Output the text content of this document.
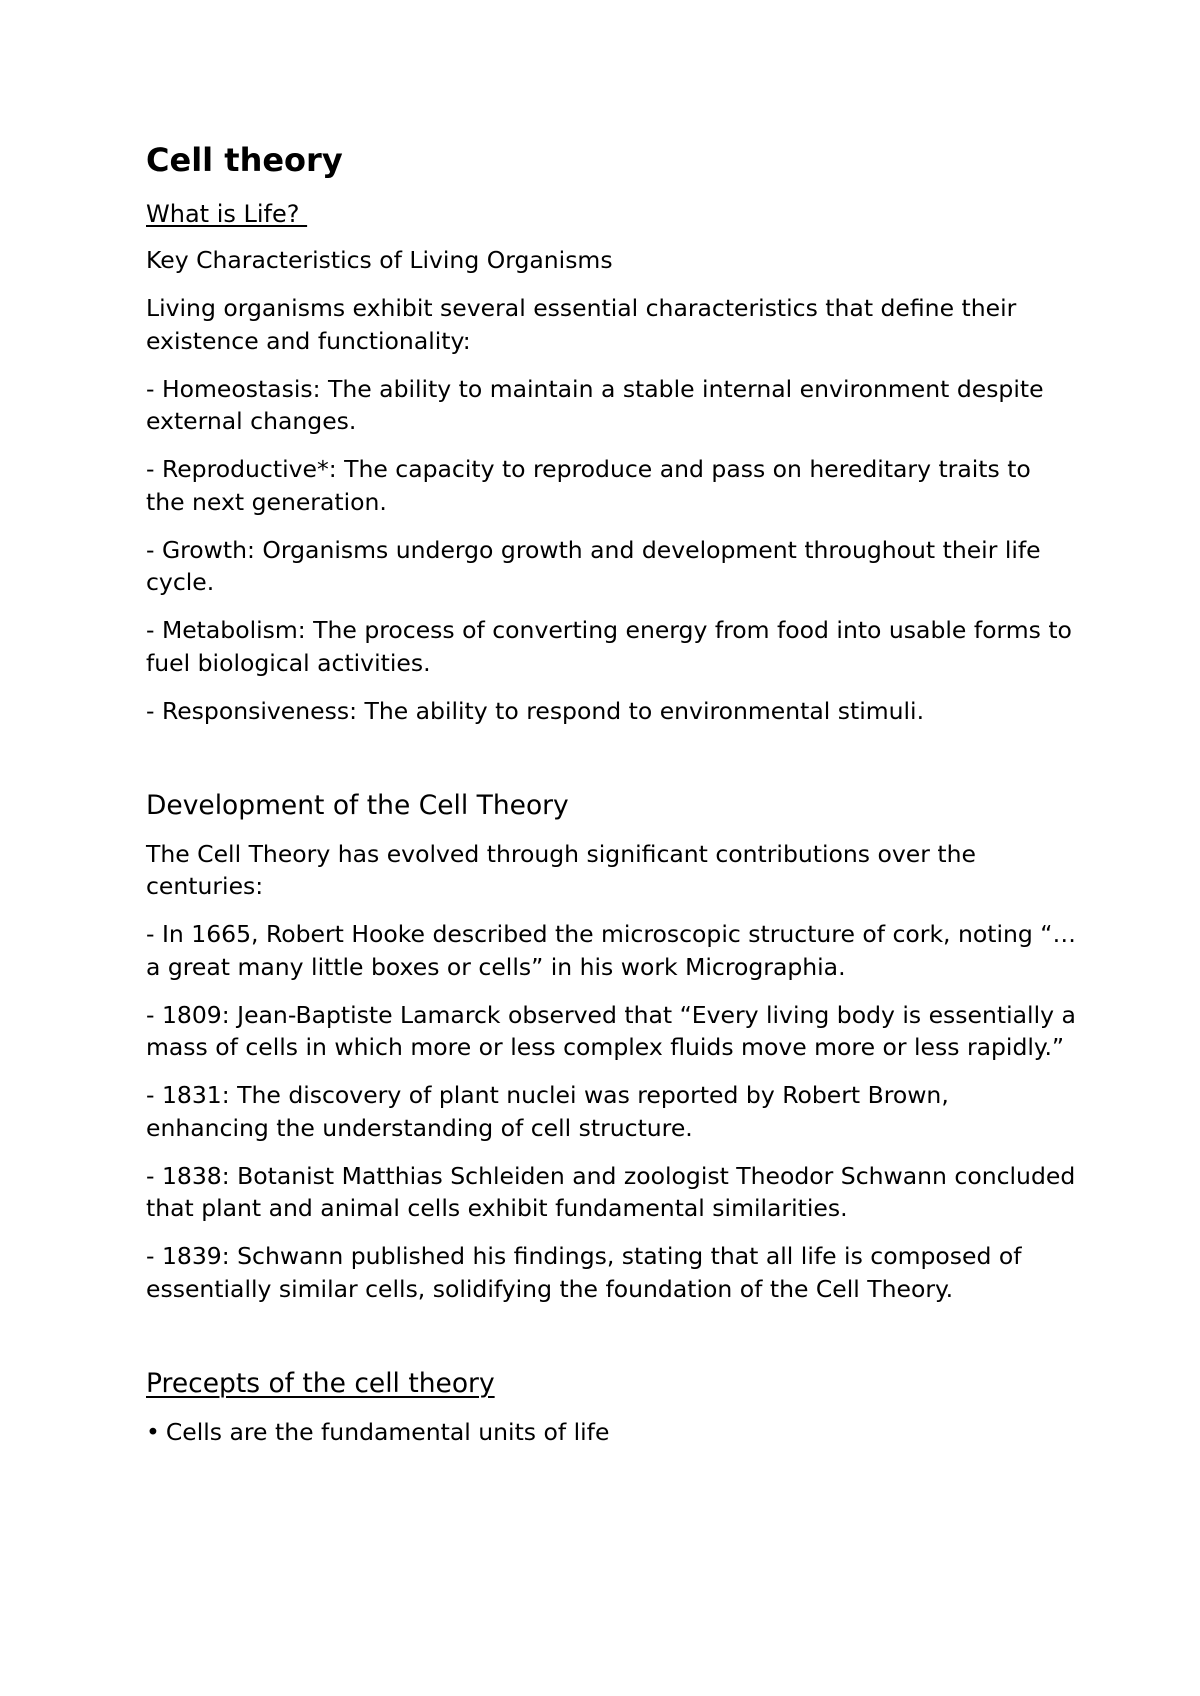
Cell theory
What is Life?
Key Characteristics of Living Organisms
Living organisms exhibit several essential characteristics that define their existence and functionality:
- Homeostasis: The ability to maintain a stable internal environment despite external changes.
- Reproductive*: The capacity to reproduce and pass on hereditary traits to the next generation.
- Growth: Organisms undergo growth and development throughout their life cycle.
- Metabolism: The process of converting energy from food into usable forms to fuel biological activities.
- Responsiveness: The ability to respond to environmental stimuli.
Development of the Cell Theory
The Cell Theory has evolved through significant contributions over the centuries:
- In 1665, Robert Hooke described the microscopic structure of cork, noting “… a great many little boxes or cells” in his work Micrographia.
- 1809: Jean-Baptiste Lamarck observed that “Every living body is essentially a mass of cells in which more or less complex fluids move more or less rapidly.”
- 1831: The discovery of plant nuclei was reported by Robert Brown, enhancing the understanding of cell structure.
- 1838: Botanist Matthias Schleiden and zoologist Theodor Schwann concluded that plant and animal cells exhibit fundamental similarities.
- 1839: Schwann published his findings, stating that all life is composed of essentially similar cells, solidifying the foundation of the Cell Theory.
Precepts of the cell theory
• Cells are the fundamental units of life
